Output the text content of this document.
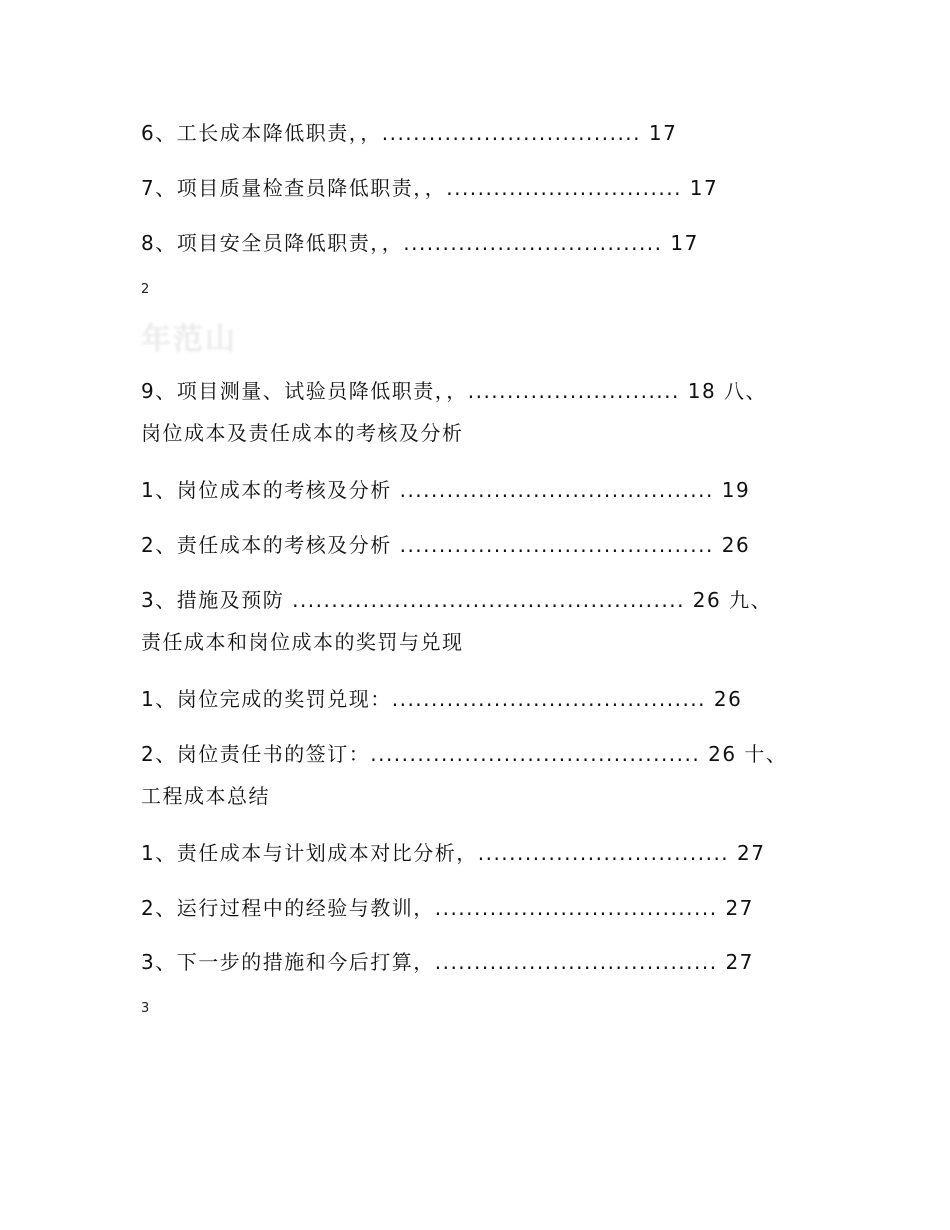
6、工长成本降低职责，，................................. 17
7、项目质量检查员降低职责，，.............................. 17
8、项目安全员降低职责，，................................. 17
2
年范山
9、项目测量、试验员降低职责，，........................... 18 八、
岗位成本及责任成本的考核及分析
1、岗位成本的考核及分析 ........................................ 19
2、责任成本的考核及分析 ........................................ 26
3、措施及预防 .................................................. 26 九、
责任成本和岗位成本的奖罚与兑现
1、岗位完成的奖罚兑现：........................................ 26
2、岗位责任书的签订：.......................................... 26 十、
工程成本总结
1、责任成本与计划成本对比分析，................................ 27
2、运行过程中的经验与教训，.................................... 27
3、下一步的措施和今后打算，.................................... 27
3
